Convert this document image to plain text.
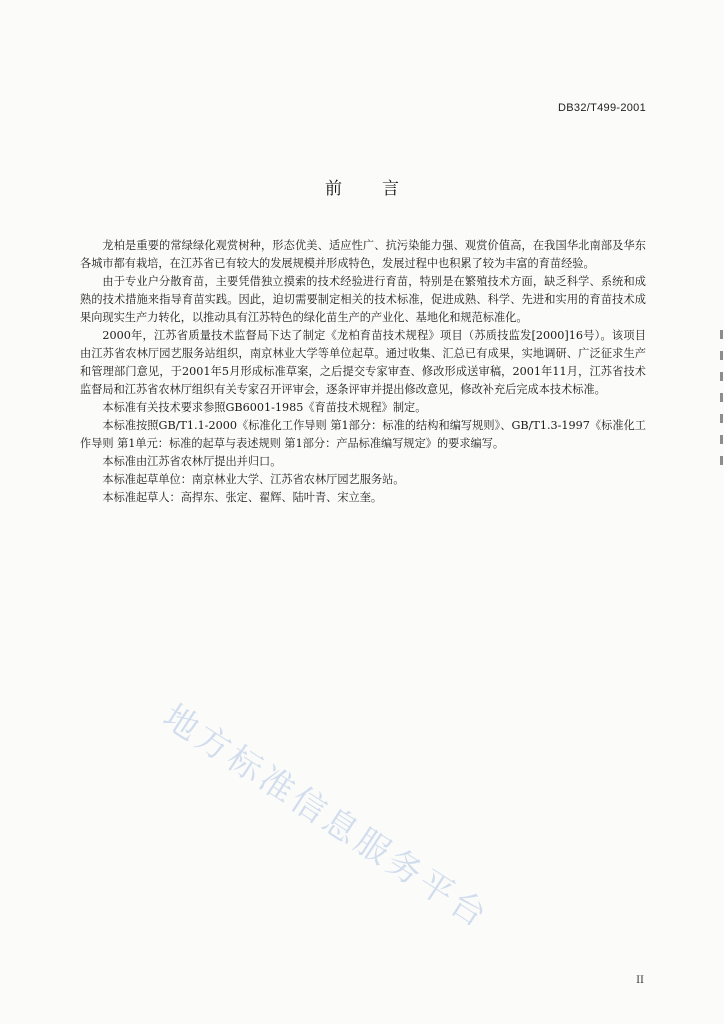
DB32/T499-2001
前言

龙柏是重要的常绿绿化观赏树种，形态优美、适应性广、抗污染能力强、观赏价值高，在我国华北南部及华东各城市都有栽培，在江苏省已有较大的发展规模并形成特色，发展过程中也积累了较为丰富的育苗经验。

由于专业户分散育苗，主要凭借独立摸索的技术经验进行育苗，特别是在繁殖技术方面，缺乏科学、系统和成熟的技术措施来指导育苗实践。因此，迫切需要制定相关的技术标准，促进成熟、科学、先进和实用的育苗技术成果向现实生产力转化，以推动具有江苏特色的绿化苗生产的产业化、基地化和规范标准化。

2000年，江苏省质量技术监督局下达了制定《龙柏育苗技术规程》项目（苏质技监发[2000]16号）。该项目由江苏省农林厅园艺服务站组织，南京林业大学等单位起草。通过收集、汇总已有成果，实地调研、广泛征求生产和管理部门意见，于2001年5月形成标准草案，之后提交专家审查、修改形成送审稿，2001年11月，江苏省技术监督局和江苏省农林厅组织有关专家召开评审会，逐条评审并提出修改意见，修改补充后完成本技术标准。

本标准有关技术要求参照GB6001-1985《育苗技术规程》制定。

本标准按照GB/T1.1-2000《标准化工作导则 第1部分：标准的结构和编写规则》、GB/T1.3-1997《标准化工作导则 第1单元：标准的起草与表述规则 第1部分：产品标准编写规定》的要求编写。

本标准由江苏省农林厅提出并归口。

本标准起草单位：南京林业大学、江苏省农林厅园艺服务站。

本标准起草人：高捍东、张定、翟辉、陆叶青、宋立奎。

地方标准信息服务平台
II
